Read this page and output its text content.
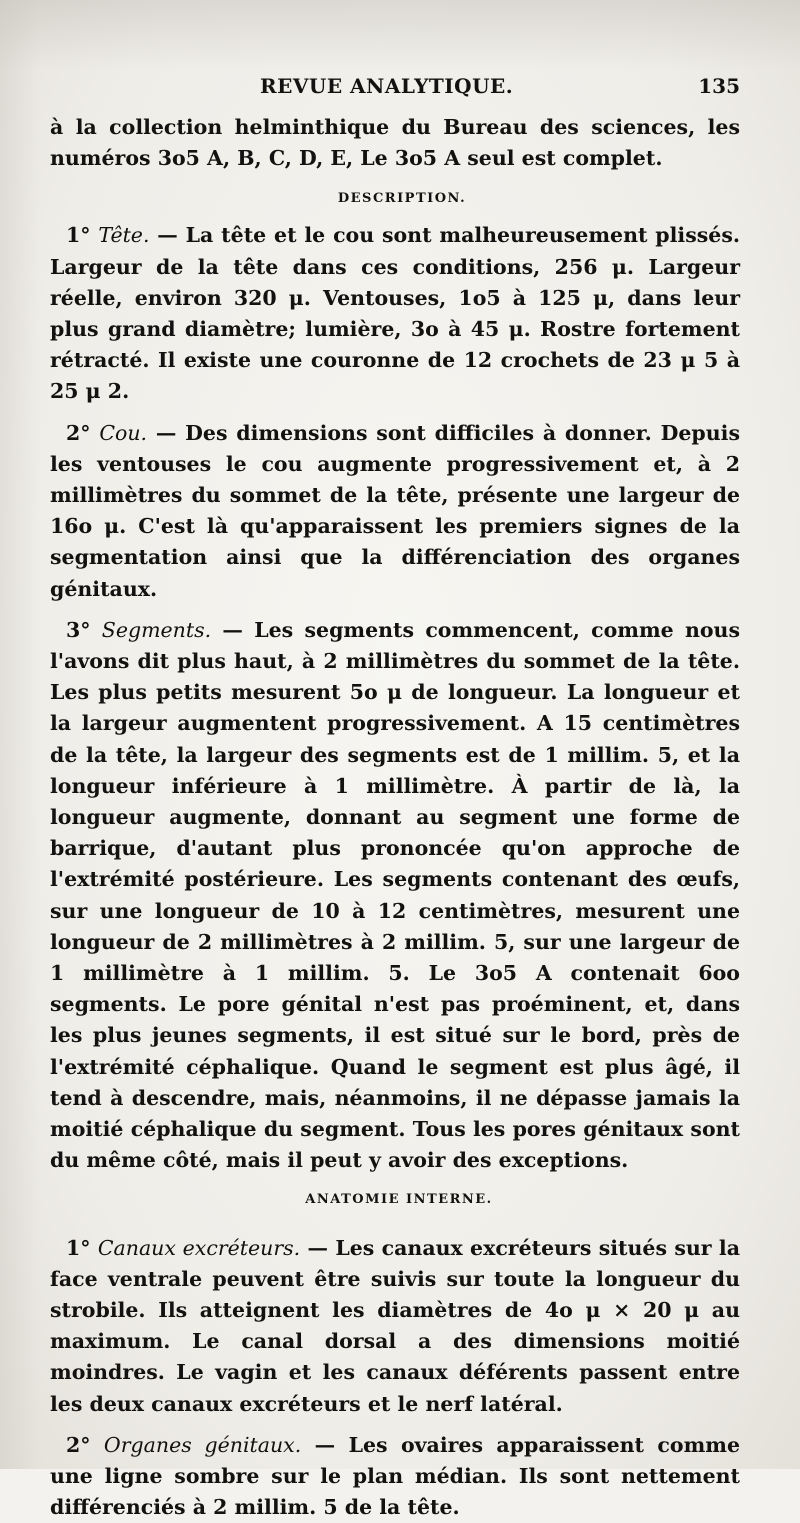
REVUE ANALYTIQUE.	135

à la collection helminthique du Bureau des sciences, les numéros 3o5 A, B, C, D, E, Le 3o5 A seul est complet.

DESCRIPTION.

1° Tête. — La tête et le cou sont malheureusement plissés. Largeur de la tête dans ces conditions, 256 μ. Largeur réelle, environ 320 μ. Ventouses, 1o5 à 125 μ, dans leur plus grand diamètre; lumière, 3o à 45 μ. Rostre fortement rétracté. Il existe une couronne de 12 crochets de 23 μ 5 à 25 μ 2.

2° Cou. — Des dimensions sont difficiles à donner. Depuis les ventouses le cou augmente progressivement et, à 2 millimètres du sommet de la tête, présente une largeur de 16o μ. C'est là qu'apparaissent les premiers signes de la segmentation ainsi que la différenciation des organes génitaux.

3° Segments. — Les segments commencent, comme nous l'avons dit plus haut, à 2 millimètres du sommet de la tête. Les plus petits mesurent 5o μ de longueur. La longueur et la largeur augmentent progressivement. A 15 centimètres de la tête, la largeur des segments est de 1 millim. 5, et la longueur inférieure à 1 millimètre. À partir de là, la longueur augmente, donnant au segment une forme de barrique, d'autant plus prononcée qu'on approche de l'extrémité postérieure. Les segments contenant des œufs, sur une longueur de 10 à 12 centimètres, mesurent une longueur de 2 millimètres à 2 millim. 5, sur une largeur de 1 millimètre à 1 millim. 5. Le 3o5 A contenait 6oo segments. Le pore génital n'est pas proéminent, et, dans les plus jeunes segments, il est situé sur le bord, près de l'extrémité céphalique. Quand le segment est plus âgé, il tend à descendre, mais, néanmoins, il ne dépasse jamais la moitié céphalique du segment. Tous les pores génitaux sont du même côté, mais il peut y avoir des exceptions.

ANATOMIE INTERNE.

1° Canaux excréteurs. — Les canaux excréteurs situés sur la face ventrale peuvent être suivis sur toute la longueur du strobile. Ils atteignent les diamètres de 4o μ × 20 μ au maximum. Le canal dorsal a des dimensions moitié moindres. Le vagin et les canaux déférents passent entre les deux canaux excréteurs et le nerf latéral.

2° Organes génitaux. — Les ovaires apparaissent comme une ligne sombre sur le plan médian. Ils sont nettement différenciés à 2 millim. 5 de la tête.
